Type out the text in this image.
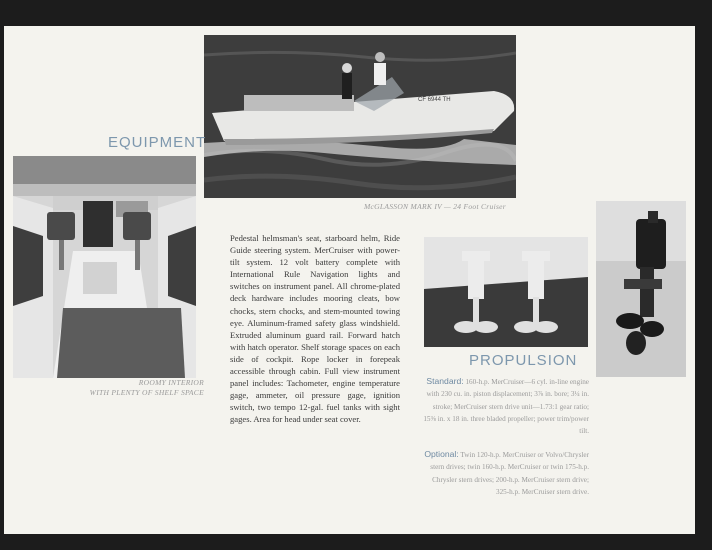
CF 6944 TH
McGLASSON MARK IV — 24 Foot Cruiser
EQUIPMENT
ROOMY INTERIOR
WITH PLENTY OF SHELF SPACE

Pedestal helmsman's seat, starboard helm, Ride Guide steering system. MerCruiser with power-tilt system. 12 volt battery complete with International Rule Navigation lights and switches on instrument panel. All chrome-plated deck hardware includes mooring cleats, bow chocks, stern chocks, and stem-mounted towing eye. Aluminum-framed safety glass windshield. Extruded aluminum guard rail. Forward hatch with hatch operator. Shelf storage spaces on each side of cockpit. Rope locker in forepeak accessible through cabin. Full view instrument panel includes: Tachometer, engine temperature gage, ammeter, oil pressure gage, ignition switch, two tempo 12-gal. fuel tanks with sight gages. Area for head under seat cover.

PROPULSION
Standard: 160-h.p. MerCruiser—6 cyl. in-line engine with 230 cu. in. piston displacement; 3⅞ in. bore; 3¼ in. stroke; MerCruiser stern drive unit—1.73:1 gear ratio; 15⅜ in. x 18 in. three bladed propeller; power trim/power tilt.
Optional: Twin 120-h.p. MerCruiser or Volvo/Chrysler stern drives; twin 160-h.p. MerCruiser or twin 175-h.p. Chrysler stern drives; 200-h.p. MerCruiser stern drive; 325-h.p. MerCruiser stern drive.
